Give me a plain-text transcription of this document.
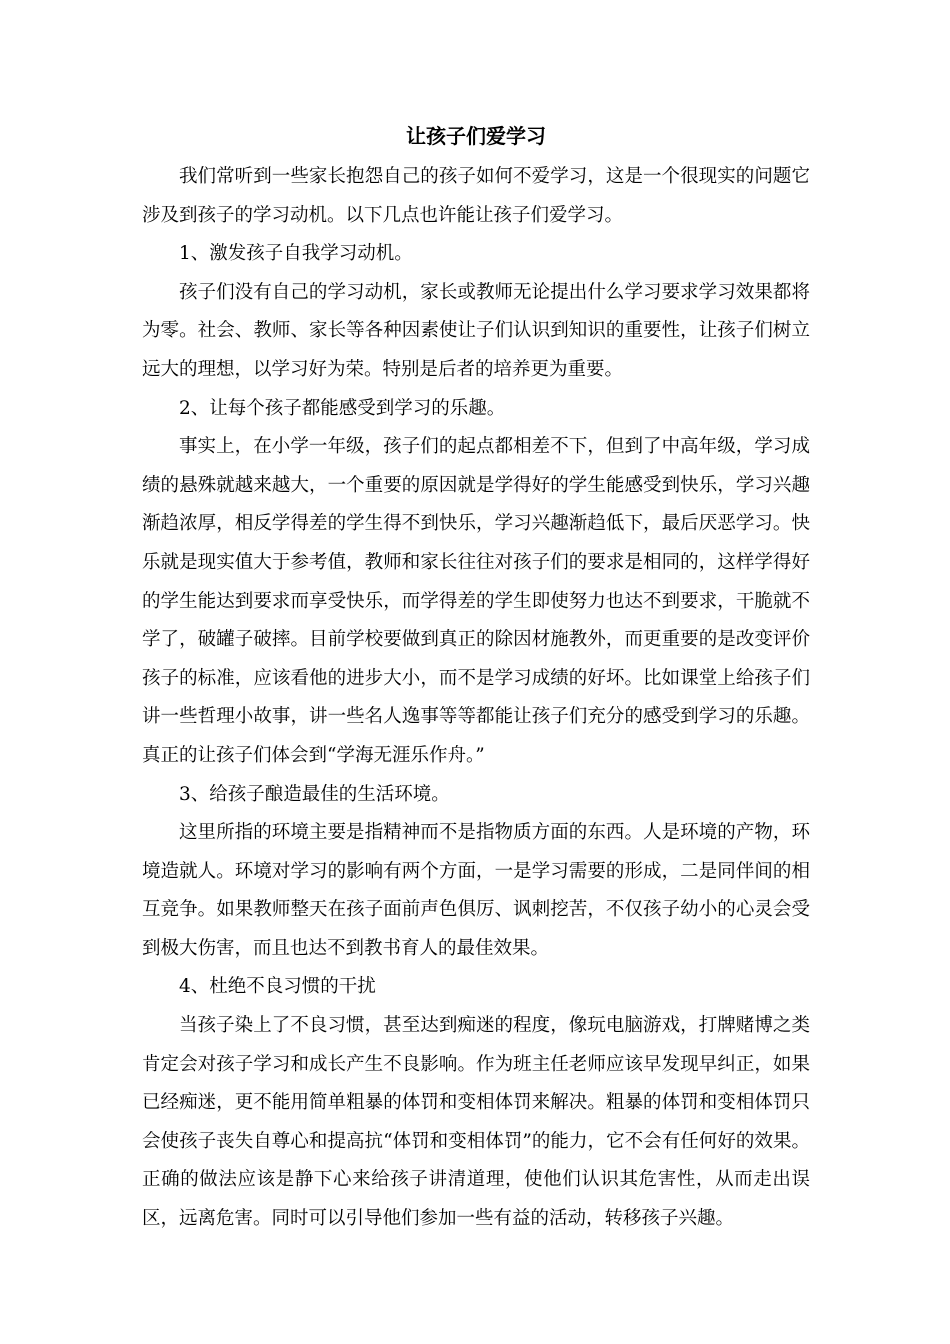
让孩子们爱学习

我们常听到一些家长抱怨自己的孩子如何不爱学习，这是一个很现实的问题它涉及到孩子的学习动机。以下几点也许能让孩子们爱学习。

1、激发孩子自我学习动机。

孩子们没有自己的学习动机，家长或教师无论提出什么学习要求学习效果都将为零。社会、教师、家长等各种因素使让子们认识到知识的重要性，让孩子们树立远大的理想，以学习好为荣。特别是后者的培养更为重要。

2、让每个孩子都能感受到学习的乐趣。

事实上，在小学一年级，孩子们的起点都相差不下，但到了中高年级，学习成绩的悬殊就越来越大，一个重要的原因就是学得好的学生能感受到快乐，学习兴趣渐趋浓厚，相反学得差的学生得不到快乐，学习兴趣渐趋低下，最后厌恶学习。快乐就是现实值大于参考值，教师和家长往往对孩子们的要求是相同的，这样学得好的学生能达到要求而享受快乐，而学得差的学生即使努力也达不到要求，干脆就不学了，破罐子破摔。目前学校要做到真正的除因材施教外，而更重要的是改变评价孩子的标准，应该看他的进步大小，而不是学习成绩的好坏。比如课堂上给孩子们讲一些哲理小故事，讲一些名人逸事等等都能让孩子们充分的感受到学习的乐趣。真正的让孩子们体会到“学海无涯乐作舟。”

3、给孩子酿造最佳的生活环境。

这里所指的环境主要是指精神而不是指物质方面的东西。人是环境的产物，环境造就人。环境对学习的影响有两个方面，一是学习需要的形成，二是同伴间的相互竞争。如果教师整天在孩子面前声色俱厉、讽刺挖苦，不仅孩子幼小的心灵会受到极大伤害，而且也达不到教书育人的最佳效果。

4、杜绝不良习惯的干扰

当孩子染上了不良习惯，甚至达到痴迷的程度，像玩电脑游戏，打牌赌博之类肯定会对孩子学习和成长产生不良影响。作为班主任老师应该早发现早纠正，如果已经痴迷，更不能用简单粗暴的体罚和变相体罚来解决。粗暴的体罚和变相体罚只会使孩子丧失自尊心和提高抗“体罚和变相体罚”的能力，它不会有任何好的效果。正确的做法应该是静下心来给孩子讲清道理，使他们认识其危害性，从而走出误区，远离危害。同时可以引导他们参加一些有益的活动，转移孩子兴趣。
